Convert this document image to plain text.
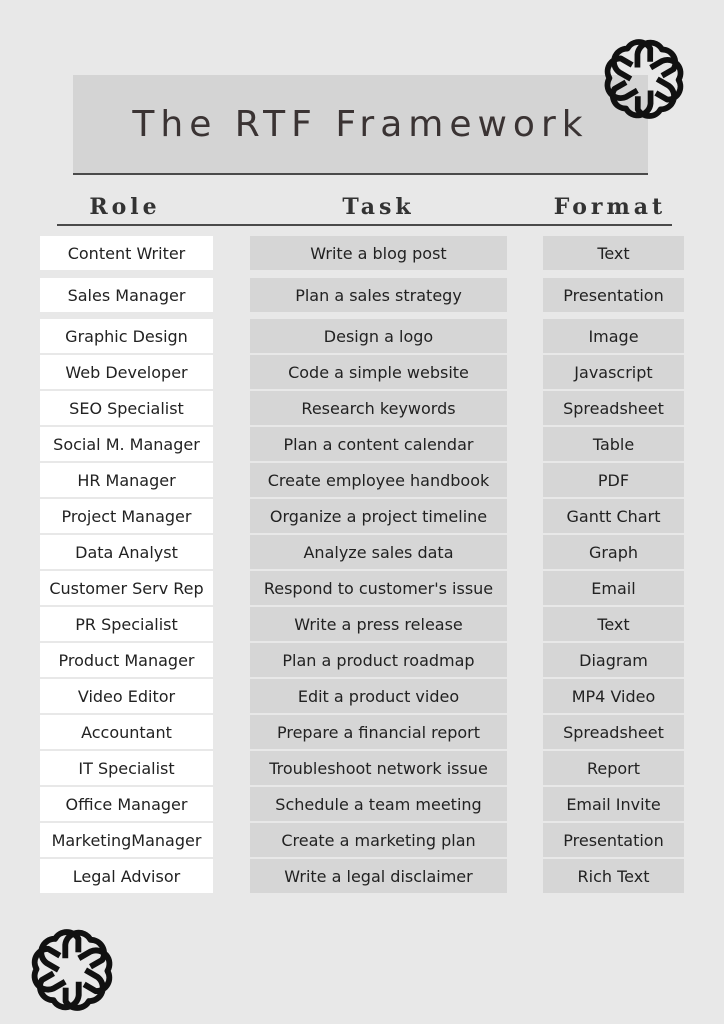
The RTF Framework
Role	Task	Format
Content Writer	Write a blog post	Text
Sales Manager	Plan a sales strategy	Presentation
Graphic Design	Design a logo	Image
Web Developer	Code a simple website	Javascript
SEO Specialist	Research keywords	Spreadsheet
Social M. Manager	Plan a content calendar	Table
HR Manager	Create employee handbook	PDF
Project Manager	Organize a project timeline	Gantt Chart
Data Analyst	Analyze sales data	Graph
Customer Serv Rep	Respond to customer's issue	Email
PR Specialist	Write a press release	Text
Product Manager	Plan a product roadmap	Diagram
Video Editor	Edit a product video	MP4 Video
Accountant	Prepare a financial report	Spreadsheet
IT Specialist	Troubleshoot network issue	Report
Office Manager	Schedule a team meeting	Email Invite
MarketingManager	Create a marketing plan	Presentation
Legal Advisor	Write a legal disclaimer	Rich Text
